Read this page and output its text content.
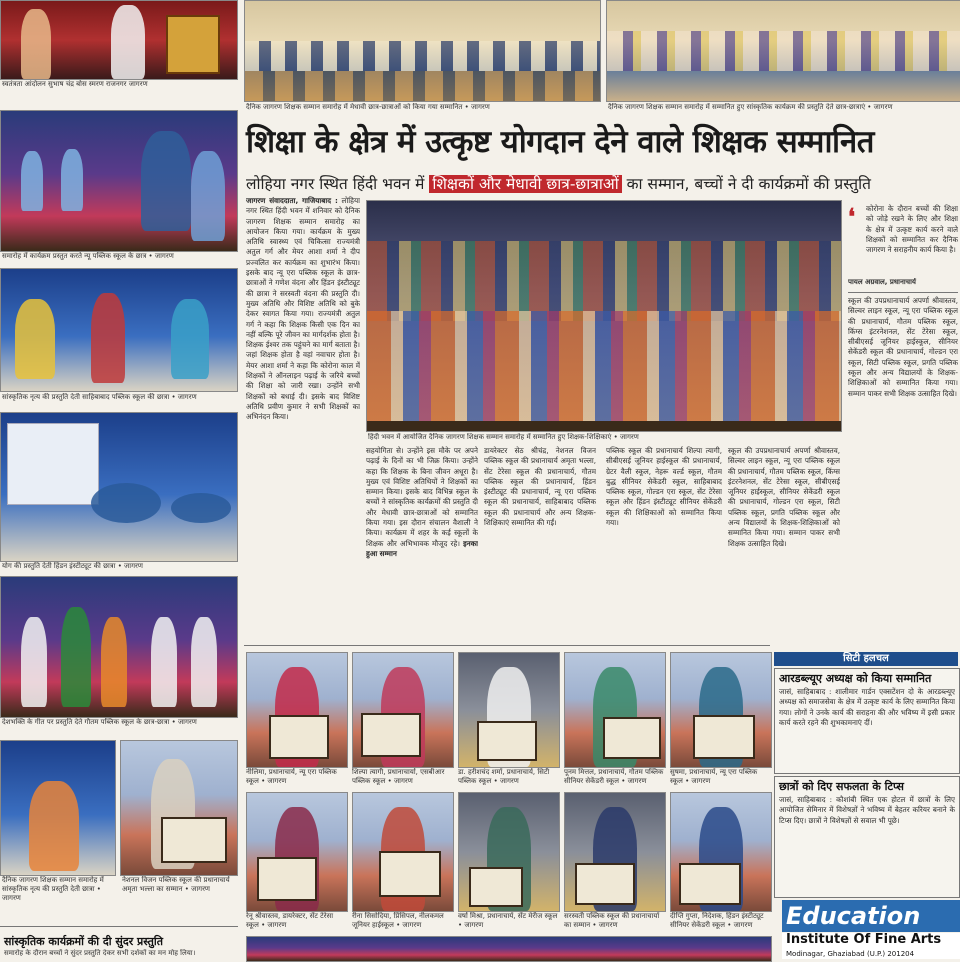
स्वतंत्रता आंदोलन सुभाष चंद्र बोस स्मरण राजनगर जागरण
दैनिक जागरण शिक्षक सम्मान समारोह में मेधावी छात्र-छात्राओं को किया गया सम्मानित • जागरण	दैनिक जागरण शिक्षक सम्मान समारोह में सम्मानित हुए सांस्कृतिक कार्यक्रम की प्रस्तुति देते छात्र-छात्राएं • जागरण
शिक्षा के क्षेत्र में उत्कृष्ट योगदान देने वाले शिक्षक सम्मानित
लोहिया नगर स्थित हिंदी भवन में शिक्षकों और मेधावी छात्र-छात्राओं का सम्मान, बच्चों ने दी कार्यक्रमों की प्रस्तुति
समारोह में कार्यक्रम प्रस्तुत करते न्यू पब्लिक स्कूल के छात्र • जागरण
सांस्कृतिक नृत्य की प्रस्तुति देती साहिबाबाद पब्लिक स्कूल की छात्रा • जागरण
योग की प्रस्तुति देती हिंडन इंस्टीट्यूट की छात्रा • जागरण
देशभक्ति के गीत पर प्रस्तुति देते गौतम पब्लिक स्कूल के छात्र-छात्रा • जागरण
दैनिक जागरण शिक्षक सम्मान समारोह में सांस्कृतिक नृत्य की प्रस्तुति देती छात्रा • जागरण
नेशनल विजन पब्लिक स्कूल की प्रधानाचार्य अमृता भल्ला का सम्मान • जागरण
सांस्कृतिक कार्यक्रमों की दी सुंदर प्रस्तुति
समारोह के दौरान बच्चों ने सुंदर प्रस्तुति देकर सभी दर्शकों का मन मोह लिया।
जागरण संवाददाता, गाजियाबाद : लोहिया नगर स्थित हिंदी भवन में शनिवार को दैनिक जागरण शिक्षक सम्मान समारोह का आयोजन किया गया। कार्यक्रम के मुख्य अतिथि स्वास्थ्य एवं चिकित्सा राज्यमंत्री अतुल गर्ग और मेयर आशा शर्मा ने दीप प्रज्वलित कर कार्यक्रम का शुभारंभ किया। इसके बाद न्यू एरा पब्लिक स्कूल के छात्र-छात्राओं ने गणेश वंदना और हिंडन इंस्टीट्यूट की छात्रा ने सरस्वती वंदना की प्रस्तुति दी। मुख्य अतिथि और विशिष्ट अतिथि को बुके देकर स्वागत किया गया। राज्यमंत्री अतुल गर्ग ने कहा कि शिक्षक किसी एक दिन का नहीं बल्कि पूरे जीवन का मार्गदर्शक होता है। शिक्षक ईश्वर तक पहुंचने का मार्ग बताता है। जहां शिक्षक होता है वहां नवाचार होता है। मेयर आशा शर्मा ने कहा कि कोरोना काल में शिक्षकों ने ऑनलाइन पढ़ाई के जरिये बच्चों की शिक्षा को जारी रखा। उन्होंने सभी शिक्षकों को बधाई दी। इसके बाद विशिष्ट अतिथि प्रवीण कुमार ने सभी शिक्षकों का अभिनंदन किया।
हिंदी भवन में आयोजित दैनिक जागरण शिक्षक सम्मान समारोह में सम्मानित हुए शिक्षक-शिक्षिकाएं • जागरण
❛ कोरोना के दौरान बच्चों की शिक्षा को जोड़े रखने के लिए और शिक्षा के क्षेत्र में उत्कृष्ट कार्य करने वाले शिक्षकों को सम्मानित कर दैनिक जागरण ने सराहनीय कार्य किया है।
पायल अग्रवाल, प्रधानाचार्य
स्कूल की उपप्रधानाचार्य अपर्णा श्रीवास्तव, सिल्वर लाइन स्कूल, न्यू एरा पब्लिक स्कूल की प्रधानाचार्य, गौतम पब्लिक स्कूल, किंग्स इंटरनेशनल, सेंट टेरेसा स्कूल, सीबीएसई जूनियर हाईस्कूल, सीनियर सेकेंडरी स्कूल की प्रधानाचार्य, गोल्डन एरा स्कूल, सिटी पब्लिक स्कूल, प्रगति पब्लिक स्कूल और अन्य विद्यालयों के शिक्षक-शिक्षिकाओं को सम्मानित किया गया। सम्मान पाकर सभी शिक्षक उत्साहित दिखे।
सहयोगिता से। उन्होंने इस मौके पर अपने पढ़ाई के दिनों का भी जिक्र किया। उन्होंने कहा कि शिक्षक के बिना जीवन अधूरा है। मुख्य एवं विशिष्ट अतिथियों ने शिक्षकों का सम्मान किया। इसके बाद विभिन्न स्कूल के बच्चों ने सांस्कृतिक कार्यक्रमों की प्रस्तुति दी और मेधावी छात्र-छात्राओं को सम्मानित किया गया। इस दौरान संचालन वैशाली ने किया। कार्यक्रम में शहर के कई स्कूलों के शिक्षक और अभिभावक मौजूद रहे। इनका हुआ सम्मान
डायरेक्टर सेठ श्रीचंद्र, नेशनल विजन पब्लिक स्कूल की प्रधानाचार्य अमृता भल्ला, सेंट टेरेसा स्कूल की प्रधानाचार्य, गौतम पब्लिक स्कूल की प्रधानाचार्य, हिंडन इंस्टीट्यूट की प्रधानाचार्य, न्यू एरा पब्लिक स्कूल की प्रधानाचार्य, साहिबाबाद पब्लिक स्कूल की प्रधानाचार्य और अन्य शिक्षक-शिक्षिकाएं सम्मानित की गईं।
पब्लिक स्कूल की प्रधानाचार्य शिल्पा त्यागी, सीबीएसई जूनियर हाईस्कूल की प्रधानाचार्य, ग्रेटर वैली स्कूल, नेहरू वर्ल्ड स्कूल, गौतम बुद्ध सीनियर सेकेंडरी स्कूल, साहिबाबाद पब्लिक स्कूल, गोल्डन एरा स्कूल, सेंट टेरेसा स्कूल और हिंडन इंस्टीट्यूट सीनियर सेकेंडरी स्कूल की शिक्षिकाओं को सम्मानित किया गया।
स्कूल की उपप्रधानाचार्य अपर्णा श्रीवास्तव, सिल्वर लाइन स्कूल, न्यू एरा पब्लिक स्कूल की प्रधानाचार्य, गौतम पब्लिक स्कूल, किंग्स इंटरनेशनल, सेंट टेरेसा स्कूल, सीबीएसई जूनियर हाईस्कूल, सीनियर सेकेंडरी स्कूल की प्रधानाचार्य, गोल्डन एरा स्कूल, सिटी पब्लिक स्कूल, प्रगति पब्लिक स्कूल और अन्य विद्यालयों के शिक्षक-शिक्षिकाओं को सम्मानित किया गया। सम्मान पाकर सभी शिक्षक उत्साहित दिखे।
नीलिमा, प्रधानाचार्य, न्यू एरा पब्लिक स्कूल • जागरण
शिल्पा त्यागी, प्रधानाचार्या, एसबीआर पब्लिक स्कूल • जागरण
डा. हरीशचंद शर्मा, प्रधानाचार्य, सिटी पब्लिक स्कूल • जागरण
पूनम मित्तल, प्रधानाचार्य, गौतम पब्लिक सीनियर सेकेंडरी स्कूल • जागरण
सुषमा, प्रधानाचार्य, न्यू एरा पब्लिक स्कूल • जागरण
रेनू श्रीवास्तव, डायरेक्टर, सेंट टेरेसा स्कूल • जागरण
रीना सिसोदिया, प्रिंसिपल, नीलकमल जूनियर हाईस्कूल • जागरण
वर्षा मिश्रा, प्रधानाचार्य, सेंट मेरीज स्कूल • जागरण
सरस्वती पब्लिक स्कूल की प्रधानाचार्या का सम्मान • जागरण
दीप्ति गुप्ता, निदेशक, हिंडन इंस्टीट्यूट सीनियर सेकेंडरी स्कूल • जागरण
सिटी हलचल
आरडब्ल्यूए अध्यक्ष को किया सम्मानित
जासं, साहिबाबाद : शालीमार गार्डन एक्सटेंशन दो के आरडब्ल्यूए अध्यक्ष को समाजसेवा के क्षेत्र में उत्कृष्ट कार्य के लिए सम्मानित किया गया। लोगों ने उनके कार्य की सराहना की और भविष्य में इसी प्रकार कार्य करते रहने की शुभकामनाएं दीं।
छात्रों को दिए सफलता के टिप्स
जासं, साहिबाबाद : कौशांबी स्थित एक होटल में छात्रों के लिए आयोजित सेमिनार में विशेषज्ञों ने भविष्य में बेहतर करियर बनाने के टिप्स दिए। छात्रों ने विशेषज्ञों से सवाल भी पूछे।
Education
Institute Of Fine Arts
Modinagar, Ghaziabad (U.P.) 201204
